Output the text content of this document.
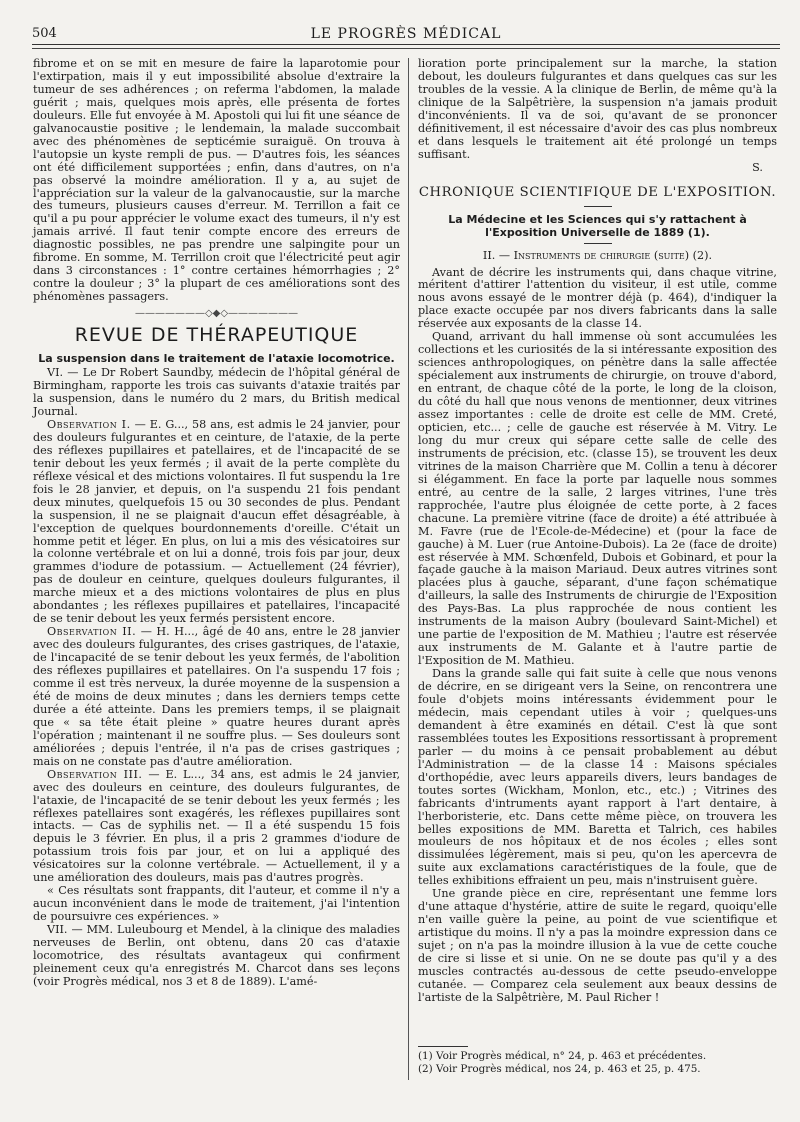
504	LE PROGRÈS MÉDICAL

fibrome et on se mit en mesure de faire la laparotomie pour l'extirpation, mais il y eut impossibilité absolue d'extraire la tumeur de ses adhérences ; on referma l'abdomen, la malade guérit ; mais, quelques mois après, elle présenta de fortes douleurs. Elle fut envoyée à M. Apostoli qui lui fit une séance de galvanocaustie positive ; le lendemain, la malade succombait avec des phénomènes de septicémie suraiguë. On trouva à l'autopsie un kyste rempli de pus. — D'autres fois, les séances ont été difficilement supportées ; enfin, dans d'autres, on n'a pas observé la moindre amélioration. Il y a, au sujet de l'appréciation sur la valeur de la galvanocaustie, sur la marche des tumeurs, plusieurs causes d'erreur. M. Terrillon a fait ce qu'il a pu pour apprécier le volume exact des tumeurs, il n'y est jamais arrivé. Il faut tenir compte encore des erreurs de diagnostic possibles, ne pas prendre une salpingite pour un fibrome. En somme, M. Terrillon croit que l'électricité peut agir dans 3 circonstances : 1° contre certaines hémorrhagies ; 2° contre la douleur ; 3° la plupart de ces améliorations sont des phénomènes passagers.

———————◇◆◇———————
REVUE DE THÉRAPEUTIQUE
La suspension dans le traitement de l'ataxie locomotrice.

VI. — Le Dr Robert Saundby, médecin de l'hôpital général de Birmingham, rapporte les trois cas suivants d'ataxie traités par la suspension, dans le numéro du 2 mars, du British medical Journal.

Observation I. — E. G..., 58 ans, est admis le 24 janvier, pour des douleurs fulgurantes et en ceinture, de l'ataxie, de la perte des réflexes pupillaires et patellaires, et de l'incapacité de se tenir debout les yeux fermés ; il avait de la perte complète du réflexe vésical et des mictions volontaires. Il fut suspendu la 1re fois le 28 janvier, et depuis, on l'a suspendu 21 fois pendant deux minutes, quelquefois 15 ou 30 secondes de plus. Pendant la suspension, il ne se plaignait d'aucun effet désagréable, à l'exception de quelques bourdonnements d'oreille. C'était un homme petit et léger. En plus, on lui a mis des vésicatoires sur la colonne vertébrale et on lui a donné, trois fois par jour, deux grammes d'iodure de potassium. — Actuellement (24 février), pas de douleur en ceinture, quelques douleurs fulgurantes, il marche mieux et a des mictions volontaires de plus en plus abondantes ; les réflexes pupillaires et patellaires, l'incapacité de se tenir debout les yeux fermés persistent encore.

Observation II. — H. H..., âgé de 40 ans, entre le 28 janvier avec des douleurs fulgurantes, des crises gastriques, de l'ataxie, de l'incapacité de se tenir debout les yeux fermés, de l'abolition des réflexes pupillaires et patellaires. On l'a suspendu 17 fois ; comme il est très nerveux, la durée moyenne de la suspension a été de moins de deux minutes ; dans les derniers temps cette durée a été atteinte. Dans les premiers temps, il se plaignait que « sa tête était pleine » quatre heures durant après l'opération ; maintenant il ne souffre plus. — Ses douleurs sont améliorées ; depuis l'entrée, il n'a pas de crises gastriques ; mais on ne constate pas d'autre amélioration.

Observation III. — E. L..., 34 ans, est admis le 24 janvier, avec des douleurs en ceinture, des douleurs fulgurantes, de l'ataxie, de l'incapacité de se tenir debout les yeux fermés ; les réflexes patellaires sont exagérés, les réflexes pupillaires sont intacts. — Cas de syphilis net. — Il a été suspendu 15 fois depuis le 3 février. En plus, il a pris 2 grammes d'iodure de potassium trois fois par jour, et on lui a appliqué des vésicatoires sur la colonne vertébrale. — Actuellement, il y a une amélioration des douleurs, mais pas d'autres progrès.

« Ces résultats sont frappants, dit l'auteur, et comme il n'y a aucun inconvénient dans le mode de traitement, j'ai l'intention de poursuivre ces expériences. »

VII. — MM. Luleubourg et Mendel, à la clinique des maladies nerveuses de Berlin, ont obtenu, dans 20 cas d'ataxie locomotrice, des résultats avantageux qui confirment pleinement ceux qu'a enregistrés M. Charcot dans ses leçons (voir Progrès médical, nos 3 et 8 de 1889). L'amé-

lioration porte principalement sur la marche, la station debout, les douleurs fulgurantes et dans quelques cas sur les troubles de la vessie. A la clinique de Berlin, de même qu'à la clinique de la Salpêtrière, la suspension n'a jamais produit d'inconvénients. Il va de soi, qu'avant de se prononcer définitivement, il est nécessaire d'avoir des cas plus nombreux et dans lesquels le traitement ait été prolongé un temps suffisant.

S.
CHRONIQUE SCIENTIFIQUE DE L'EXPOSITION.
La Médecine et les Sciences qui s'y rattachent à l'Exposition Universelle de 1889 (1).
II. — Instruments de chirurgie (suite) (2).

Avant de décrire les instruments qui, dans chaque vitrine, méritent d'attirer l'attention du visiteur, il est utile, comme nous avons essayé de le montrer déjà (p. 464), d'indiquer la place exacte occupée par nos divers fabricants dans la salle réservée aux exposants de la classe 14.

Quand, arrivant du hall immense où sont accumulées les collections et les curiosités de la si intéressante exposition des sciences anthropologiques, on pénètre dans la salle affectée spécialement aux instruments de chirurgie, on trouve d'abord, en entrant, de chaque côté de la porte, le long de la cloison, du côté du hall que nous venons de mentionner, deux vitrines assez importantes : celle de droite est celle de MM. Creté, opticien, etc... ; celle de gauche est réservée à M. Vitry. Le long du mur creux qui sépare cette salle de celle des instruments de précision, etc. (classe 15), se trouvent les deux vitrines de la maison Charrière que M. Collin a tenu à décorer si élégamment. En face la porte par laquelle nous sommes entré, au centre de la salle, 2 larges vitrines, l'une très rapprochée, l'autre plus éloignée de cette porte, à 2 faces chacune. La première vitrine (face de droite) a été attribuée à M. Favre (rue de l'Ecole-de-Médecine) et (pour la face de gauche) à M. Luer (rue Antoine-Dubois). La 2e (face de droite) est réservée à MM. Schœnfeld, Dubois et Gobinard, et pour la façade gauche à la maison Mariaud. Deux autres vitrines sont placées plus à gauche, séparant, d'une façon schématique d'ailleurs, la salle des Instruments de chirurgie de l'Exposition des Pays-Bas. La plus rapprochée de nous contient les instruments de la maison Aubry (boulevard Saint-Michel) et une partie de l'exposition de M. Mathieu ; l'autre est réservée aux instruments de M. Galante et à l'autre partie de l'Exposition de M. Mathieu.

Dans la grande salle qui fait suite à celle que nous venons de décrire, en se dirigeant vers la Seine, on rencontrera une foule d'objets moins intéressants évidemment pour le médecin, mais cependant utiles à voir ; quelques-uns demandent à être examinés en détail. C'est là que sont rassemblées toutes les Expositions ressortissant à proprement parler — du moins à ce pensait probablement au début l'Administration — de la classe 14 : Maisons spéciales d'orthopédie, avec leurs appareils divers, leurs bandages de toutes sortes (Wickham, Monlon, etc., etc.) ; Vitrines des fabricants d'intruments ayant rapport à l'art dentaire, à l'herboristerie, etc. Dans cette même pièce, on trouvera les belles expositions de MM. Baretta et Talrich, ces habiles mouleurs de nos hôpitaux et de nos écoles ; elles sont dissimulées légèrement, mais si peu, qu'on les apercevra de suite aux exclamations caractéristiques de la foule, que de telles exhibitions effraient un peu, mais n'instruisent guère.

Une grande pièce en cire, représentant une femme lors d'une attaque d'hystérie, attire de suite le regard, quoiqu'elle n'en vaille guère la peine, au point de vue scientifique et artistique du moins. Il n'y a pas la moindre expression dans ce sujet ; on n'a pas la moindre illusion à la vue de cette couche de cire si lisse et si unie. On ne se doute pas qu'il y a des muscles contractés au-dessous de cette pseudo-enveloppe cutanée. — Comparez cela seulement aux beaux dessins de l'artiste de la Salpêtrière, M. Paul Richer !

(1) Voir Progrès médical, n° 24, p. 463 et précédentes.
(2) Voir Progrès médical, nos 24, p. 463 et 25, p. 475.
